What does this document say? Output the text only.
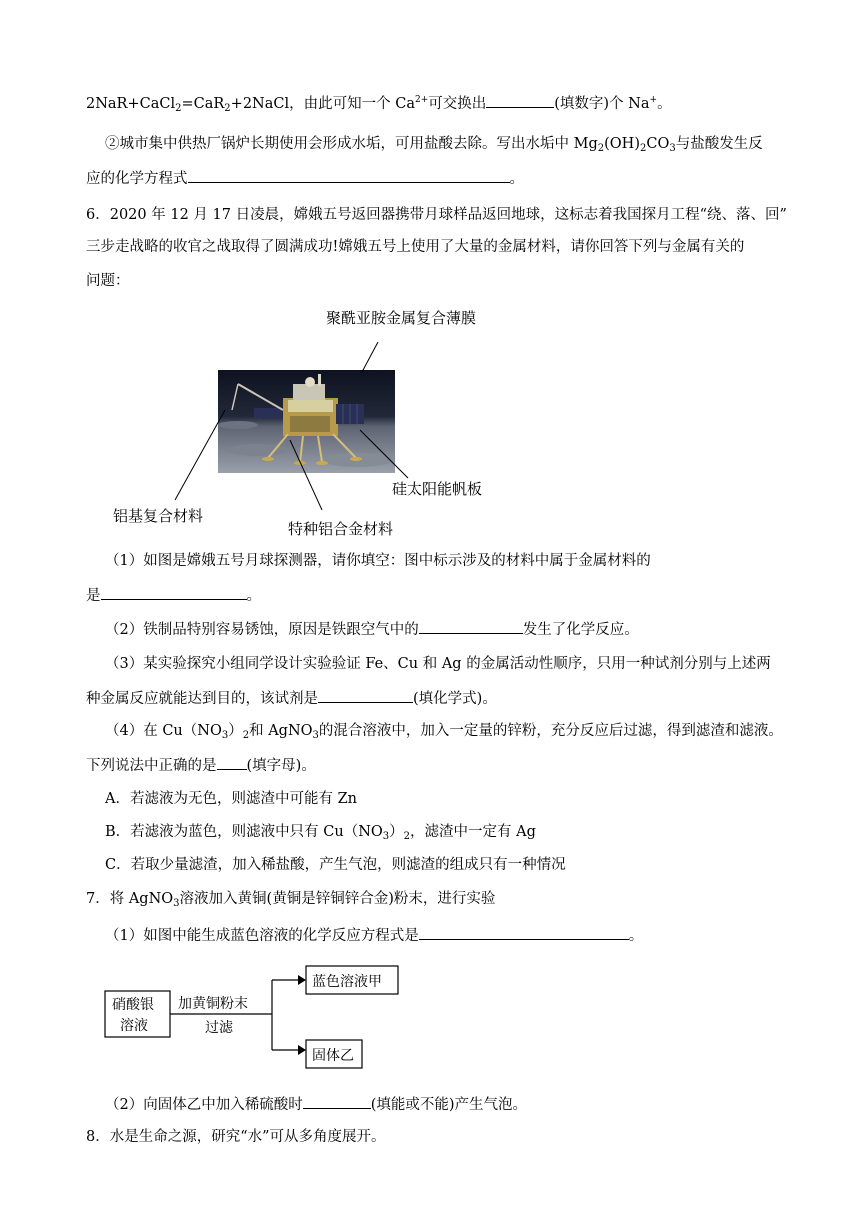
2NaR+CaCl$_2$=CaR$_2$+2NaCl，由此可知一个 $Ca^{2+}$可交换出	(填数字)个 Na+。
②城市集中供热厂锅炉长期使用会形成水垢，可用盐酸去除。写出水垢中 $Mg_2(OH)_2CO_3$与盐酸发生反
应的化学方程式	。
6．2020 年 12 月 17 日凌晨，嫦娥五号返回器携带月球样品返回地球，这标志着我国探月工程“绕、落、回”
三步走战略的收官之战取得了圆满成功!嫦娥五号上使用了大量的金属材料，请你回答下列与金属有关的
问题：
聚酰亚胺金属复合薄膜
硅太阳能帆板
铝基复合材料
特种铝合金材料
（1）如图是嫦娥五号月球探测器，请你填空：图中标示涉及的材料中属于金属材料的
是	。
（2）铁制品特别容易锈蚀，原因是铁跟空气中的	发生了化学反应。
（3）某实验探究小组同学设计实验验证 Fe、Cu 和 Ag 的金属活动性顺序，只用一种试剂分别与上述两
种金属反应就能达到目的，该试剂是	(填化学式)。
（4）在 $Cu(NO_3)_2$和 AgNO$_3$的混合溶液中，加入一定量的锌粉，充分反应后过滤，得到滤渣和滤液。
下列说法中正确的是 (填字母)。
A．若滤液为无色，则滤渣中可能有 Zn
B．若滤液为蓝色，则滤液中只有 $Cu(NO_3)_2$，滤渣中一定有 Ag
C．若取少量滤渣，加入稀盐酸，产生气泡，则滤渣的组成只有一种情况
7．将 AgNO$_3$溶液加入黄铜(黄铜是锌铜锌合金)粉末，进行实验
（1）如图中能生成蓝色溶液的化学反应方程式是	。
硝酸银
溶液
加黄铜粉末
过滤
蓝色溶液甲
固体乙
（2）向固体乙中加入稀硫酸时	(填能或不能)产生气泡。
8．水是生命之源，研究“水”可从多角度展开。
